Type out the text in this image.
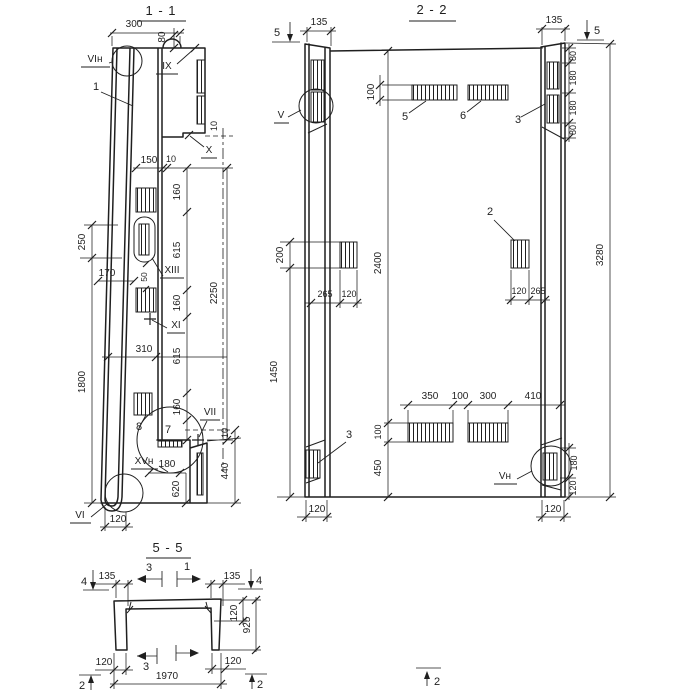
1 - 1
300
80
VIн
1
IX
X
10
150 10
160
615
XIII
2250
250
170	50
160
XI
615
310
1800
160
8 7
VII
10
440
XVн 180
620
VI 120
2 - 2
5
135	135
5
V
100
5	6	3
80
180
180
80
3280
2400
200
1450
265 120
2
120 265
350 100 300	410
100
450
3
Vн
180
120
120	120
5 - 5
4 135
3	1
135 4
120
925
120	3	120
1970
2	2	2
